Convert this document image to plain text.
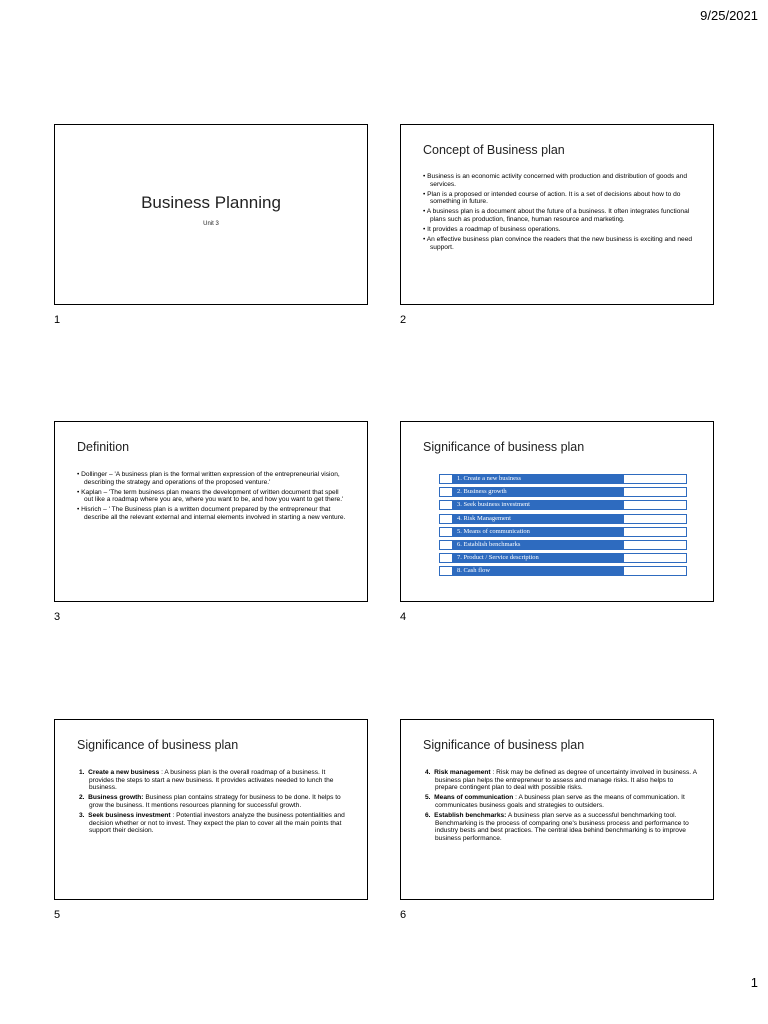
9/25/2021
Business Planning
Unit 3
1
Concept of Business plan
• Business is an economic activity concerned with production and distribution of goods and services.
• Plan is a proposed or intended course of action. It is a set of decisions about how to do something in future.
• A business plan is a document about the future of a business. It often integrates functional plans such as production, finance, human resource and marketing.
• It provides a roadmap of business operations.
• An effective business plan convince the readers that the new business is exciting and need support.
2
Definition
• Dollinger – 'A business plan is the formal written expression of the entrepreneurial vision, describing the strategy and operations of the proposed venture.'
• Kaplan – 'The term business plan means the development of written document that spell out like a roadmap where you are, where you want to be, and how you want to get there.'
• Hisrich – ' The Business plan is a written document prepared by the entrepreneur that describe all the relevant external and internal elements involved in starting a new venture.
3
Significance of business plan
1. Create a new business
2. Business growth
3. Seek business investment
4. Risk Management
5. Means of communication
6. Establish benchmarks
7. Product / Service description
8. Cash flow
4
Significance of business plan
1. Create a new business : A business plan is the overall roadmap of a business. It provides the steps to start a new business. It provides activates needed to lunch the business.
2. Business growth: Business plan contains strategy for business to be done. It helps to grow the business. It mentions resources planning for successful growth.
3. Seek business investment : Potential investors analyze the business potentialities and decision whether or not to invest. They expect the plan to cover all the main points that support their decision.
5
Significance of business plan
4. Risk management : Risk may be defined as degree of uncertainty involved in business. A business plan helps the entrepreneur to assess and manage risks. It also helps to prepare contingent plan to deal with possible risks.
5. Means of communication : A business plan serve as the means of communication. It communicates business goals and strategies to outsiders.
6. Establish benchmarks: A business plan serve as a successful benchmarking tool. Benchmarking is the process of comparing one's business process and performance to industry bests and best practices. The central idea behind benchmarking is to improve business performance.
6
1
